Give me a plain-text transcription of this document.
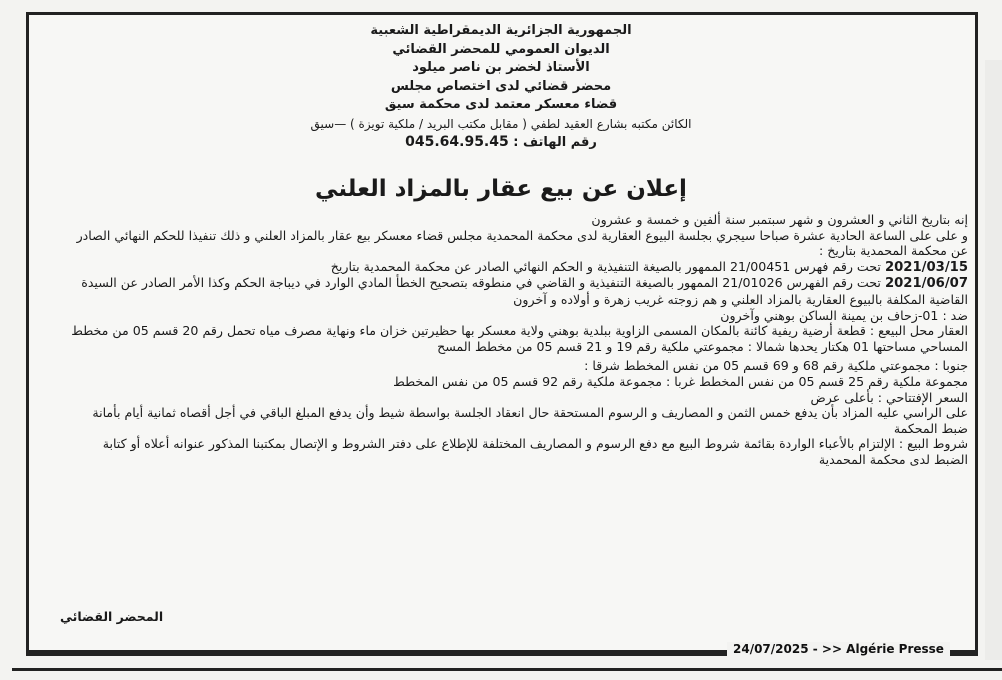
الجمهورية الجزائرية الديمقراطية الشعبية
الديوان العمومي للمحضر القضائي
الأستاذ لخضر بن ناصر ميلود
محضر قضائي لدى اختصاص مجلس
قضاء معسكر معتمد لدى محكمة سيق
الكائن مكتبه بشارع العقيد لطفي ( مقابل مكتب البريد / ملكية تويزة ) —سيق
رقم الهاتف : 045.64.95.45
إعلان عن بيع عقار بالمزاد العلني

إنه بتاريخ الثاني و العشرون و شهر سبتمبر سنة ألفين و خمسة و عشرون

و على على الساعة الحادية عشرة صباحا سيجري بجلسة البيوع العقارية لدى محكمة المحمدية مجلس قضاء معسكر بيع عقار بالمزاد العلني و ذلك تنفيذا للحكم النهائي الصادر عن محكمة المحمدية بتاريخ :

2021/03/15 تحت رقم فهرس 21/00451 الممهور بالصيغة التنفيذية و الحكم النهائي الصادر عن محكمة المحمدية بتاريخ

2021/06/07 تحت رقم الفهرس 21/01026 الممهور بالصيغة التنفيذية و القاضي في منطوقه بتصحيح الخطأ المادي الوارد في ديباجة الحكم وكذا الأمر الصادر عن السيدة القاضية المكلفة بالبيوع العقارية بالمزاد العلني و هم زوجته غريب زهرة و أولاده و آخرون

ضد : 01-زحاف بن يمينة الساكن بوهني وآخرون

العقار محل البيعع : قطعة أرضية ريفية كائنة بالمكان المسمى الزاوية ببلدية بوهني ولاية معسكر بها حظيرتين خزان ماء ونهاية مصرف مياه تحمل رقم 20 قسم 05 من مخطط المساحي مساحتها 01 هكتار يحدها شمالا : مجموعتي ملكية رقم 19 و 21 قسم 05 من مخطط المسح

جنوبا : مجموعتي ملكية رقم 68 و 69 قسم 05 من نفس المخطط شرقا :

مجموعة ملكية رقم 25 قسم 05 من نفس المخطط غربا : مجموعة ملكية رقم 92 قسم 05 من نفس المخطط

السعر الإفتتاحي : بأعلى عرض

على الراسي عليه المزاد بأن يدفع خمس الثمن و المصاريف و الرسوم المستحقة حال انعقاد الجلسة بواسطة شيط وأن يدفع المبلغ الباقي في أجل أقصاه ثمانية أيام بأمانة ضبط المحكمة

شروط البيع : الإلتزام بالأعباء الواردة بقائمة شروط البيع مع دفع الرسوم و المصاريف المختلفة للإطلاع على دفتر الشروط و الإتصال بمكتبنا المذكور عنوانه أعلاه أو كتابة الضبط لدى محكمة المحمدية

المحضر القضائي
24/07/2025 - >> Algérie Presse
